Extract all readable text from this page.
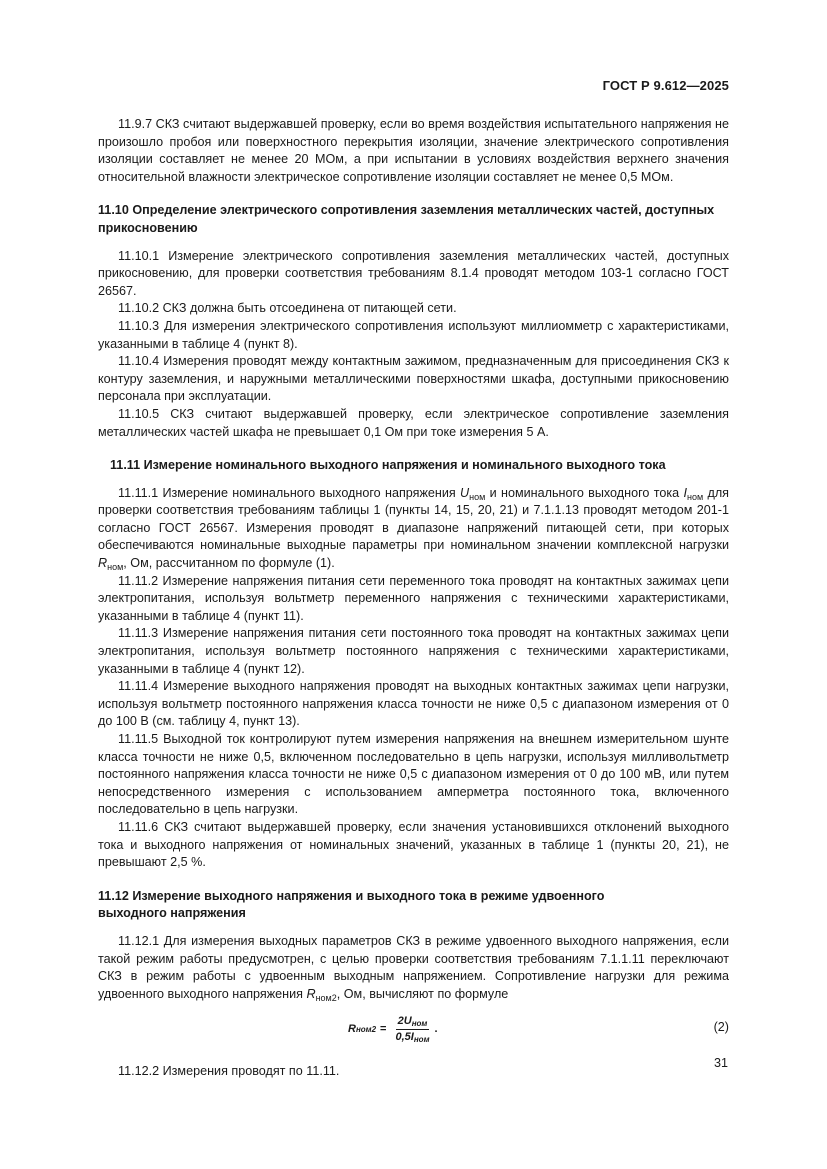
ГОСТ Р 9.612—2025

11.9.7 СКЗ считают выдержавшей проверку, если во время воздействия испытательного напряжения не произошло пробоя или поверхностного перекрытия изоляции, значение электрического сопротивления изоляции составляет не менее 20 МОм, а при испытании в условиях воздействия верхнего значения относительной влажности электрическое сопротивление изоляции составляет не менее 0,5 МОм.

11.10 Определение электрического сопротивления заземления металлических частей, доступных прикосновению

11.10.1 Измерение электрического сопротивления заземления металлических частей, доступных прикосновению, для проверки соответствия требованиям 8.1.4 проводят методом 103-1 согласно ГОСТ 26567.

11.10.2 СКЗ должна быть отсоединена от питающей сети.

11.10.3 Для измерения электрического сопротивления используют миллиомметр с характеристиками, указанными в таблице 4 (пункт 8).

11.10.4 Измерения проводят между контактным зажимом, предназначенным для присоединения СКЗ к контуру заземления, и наружными металлическими поверхностями шкафа, доступными прикосновению персонала при эксплуатации.

11.10.5 СКЗ считают выдержавшей проверку, если электрическое сопротивление заземления металлических частей шкафа не превышает 0,1 Ом при токе измерения 5 А.

11.11 Измерение номинального выходного напряжения и номинального выходного тока

11.11.1 Измерение номинального выходного напряжения $U_{ном}$ и номинального выходного тока $I_{ном}$ для проверки соответствия требованиям таблицы 1 (пункты 14, 15, 20, 21) и 7.1.1.13 проводят методом 201-1 согласно ГОСТ 26567. Измерения проводят в диапазоне напряжений питающей сети, при которых обеспечиваются номинальные выходные параметры при номинальном значении комплексной нагрузки $R_{ном}$, Ом, рассчитанном по формуле (1).

11.11.2 Измерение напряжения питания сети переменного тока проводят на контактных зажимах цепи электропитания, используя вольтметр переменного напряжения с техническими характеристиками, указанными в таблице 4 (пункт 11).

11.11.3 Измерение напряжения питания сети постоянного тока проводят на контактных зажимах цепи электропитания, используя вольтметр постоянного напряжения с техническими характеристиками, указанными в таблице 4 (пункт 12).

11.11.4 Измерение выходного напряжения проводят на выходных контактных зажимах цепи нагрузки, используя вольтметр постоянного напряжения класса точности не ниже 0,5 с диапазоном измерения от 0 до 100 В (см. таблицу 4, пункт 13).

11.11.5 Выходной ток контролируют путем измерения напряжения на внешнем измерительном шунте класса точности не ниже 0,5, включенном последовательно в цепь нагрузки, используя милливольтметр постоянного напряжения класса точности не ниже 0,5 с диапазоном измерения от 0 до 100 мВ, или путем непосредственного измерения с использованием амперметра постоянного тока, включенного последовательно в цепь нагрузки.

11.11.6 СКЗ считают выдержавшей проверку, если значения установившихся отклонений выходного тока и выходного напряжения от номинальных значений, указанных в таблице 1 (пункты 20, 21), не превышают 2,5 %.

11.12 Измерение выходного напряжения и выходного тока в режиме удвоенного выходного напряжения

11.12.1 Для измерения выходных параметров СКЗ в режиме удвоенного выходного напряжения, если такой режим работы предусмотрен, с целью проверки соответствия требованиям 7.1.1.11 переключают СКЗ в режим работы с удвоенным выходным напряжением. Сопротивление нагрузки для режима удвоенного выходного напряжения $R_{ном2}$, Ом, вычисляют по формуле

R $ном2 = \frac{\text{2Uном}}{\text{0,5Iном}}$ .	(2)

11.12.2 Измерения проводят по 11.11.

31
